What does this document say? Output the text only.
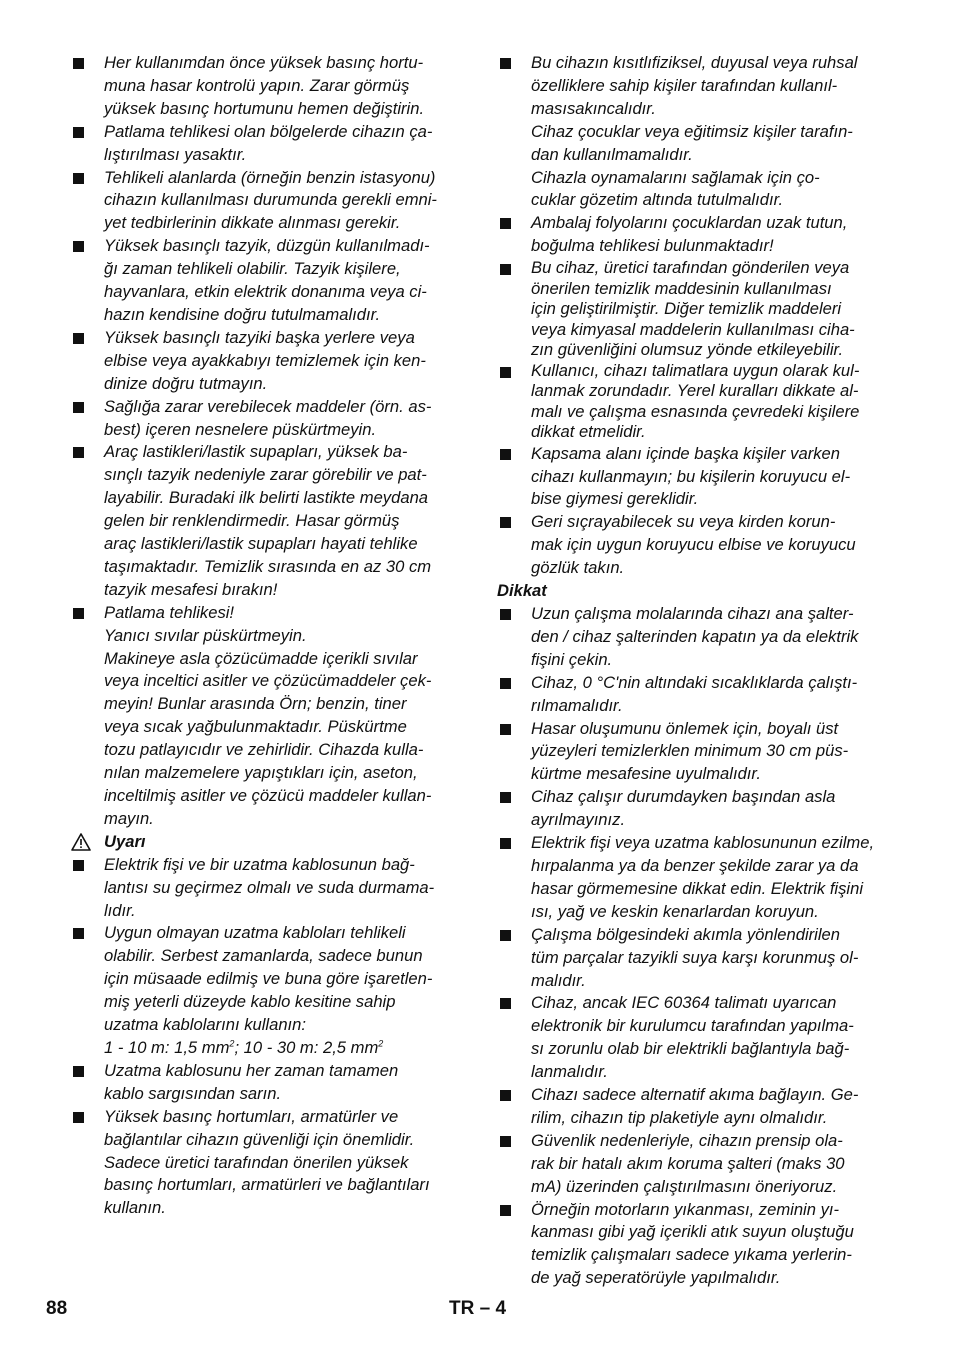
Her kullanımdan önce yüksek basınç hortu-
muna hasar kontrolü yapın. Zarar görmüş
yüksek basınç hortumunu hemen değiştirin.
Patlama tehlikesi olan bölgelerde cihazın ça-
lıştırılması yasaktır.
Tehlikeli alanlarda (örneğin benzin istasyonu)
cihazın kullanılması durumunda gerekli emni-
yet tedbirlerinin dikkate alınması gerekir.
Yüksek basınçlı tazyik, düzgün kullanılmadı-
ğı zaman tehlikeli olabilir. Tazyik kişilere,
hayvanlara, etkin elektrik donanıma veya ci-
hazın kendisine doğru tutulmamalıdır.
Yüksek basınçlı tazyiki başka yerlere veya
elbise veya ayakkabıyı temizlemek için ken-
dinize doğru tutmayın.
Sağlığa zarar verebilecek maddeler (örn. as-
best) içeren nesnelere püskürtmeyin.
Araç lastikleri/lastik supapları, yüksek ba-
sınçlı tazyik nedeniyle zarar görebilir ve pat-
layabilir. Buradaki ilk belirti lastikte meydana
gelen bir renklendirmedir. Hasar görmüş
araç lastikleri/lastik supapları hayati tehlike
taşımaktadır. Temizlik sırasında en az 30 cm
tazyik mesafesi bırakın!
Patlama tehlikesi!
Yanıcı sıvılar püskürtmeyin.
Makineye asla çözücümadde içerikli sıvılar
veya inceltici asitler ve çözücümaddeler çek-
meyin! Bunlar arasında Örn; benzin, tiner
veya sıcak yağbulunmaktadır. Püskürtme
tozu patlayıcıdır ve zehirlidir. Cihazda kulla-
nılan malzemelere yapıştıkları için, aseton,
inceltilmiş asitler ve çözücü maddeler kullan-
mayın.
Uyarı
Elektrik fişi ve bir uzatma kablosunun bağ-
lantısı su geçirmez olmalı ve suda durmama-
lıdır.
Uygun olmayan uzatma kabloları tehlikeli
olabilir. Serbest zamanlarda, sadece bunun
için müsaade edilmiş ve buna göre işaretlen-
miş yeterli düzeyde kablo kesitine sahip
uzatma kablolarını kullanın:
1 - 10 m: 1,5 $mm^2$; 10 - 30 m: 2,5 $mm^2$
Uzatma kablosunu her zaman tamamen
kablo sargısından sarın.
Yüksek basınç hortumları, armatürler ve
bağlantılar cihazın güvenliği için önemlidir.
Sadece üretici tarafından önerilen yüksek
basınç hortumları, armatürleri ve bağlantıları
kullanın.
Bu cihazın kısıtlıfiziksel, duyusal veya ruhsal
özelliklere sahip kişiler tarafından kullanıl-
masısakıncalıdır.
Cihaz çocuklar veya eğitimsiz kişiler tarafın-
dan kullanılmamalıdır.
Cihazla oynamalarını sağlamak için ço-
cuklar gözetim altında tutulmalıdır.
Ambalaj folyolarını çocuklardan uzak tutun,
boğulma tehlikesi bulunmaktadır!
Bu cihaz, üretici tarafından gönderilen veya
önerilen temizlik maddesinin kullanılması
için geliştirilmiştir. Diğer temizlik maddeleri
veya kimyasal maddelerin kullanılması ciha-
zın güvenliğini olumsuz yönde etkileyebilir.
Kullanıcı, cihazı talimatlara uygun olarak kul-
lanmak zorundadır. Yerel kuralları dikkate al-
malı ve çalışma esnasında çevredeki kişilere
dikkat etmelidir.
Kapsama alanı içinde başka kişiler varken
cihazı kullanmayın; bu kişilerin koruyucu el-
bise giymesi gereklidir.
Geri sıçrayabilecek su veya kirden korun-
mak için uygun koruyucu elbise ve koruyucu
gözlük takın.
Dikkat
Uzun çalışma molalarında cihazı ana şalter-
den / cihaz şalterinden kapatın ya da elektrik
fişini çekin.
Cihaz, 0 °C'nin altındaki sıcaklıklarda çalıştı-
rılmamalıdır.
Hasar oluşumunu önlemek için, boyalı üst
yüzeyleri temizlerklen minimum 30 cm püs-
kürtme mesafesine uyulmalıdır.
Cihaz çalışır durumdayken başından asla
ayrılmayınız.
Elektrik fişi veya uzatma kablosununun ezilme,
hırpalanma ya da benzer şekilde zarar ya da
hasar görmemesine dikkat edin. Elektrik fişini
ısı, yağ ve keskin kenarlardan koruyun.
Çalışma bölgesindeki akımla yönlendirilen
tüm parçalar tazyikli suya karşı korunmuş ol-
malıdır.
Cihaz, ancak IEC 60364 talimatı uyarıcan
elektronik bir kurulumcu tarafından yapılma-
sı zorunlu olab bir elektrikli bağlantıyla bağ-
lanmalıdır.
Cihazı sadece alternatif akıma bağlayın. Ge-
rilim, cihazın tip plaketiyle aynı olmalıdır.
Güvenlik nedenleriyle, cihazın prensip ola-
rak bir hatalı akım koruma şalteri (maks 30
mA) üzerinden çalıştırılmasını öneriyoruz.
Örneğin motorların yıkanması, zeminin yı-
kanması gibi yağ içerikli atık suyun oluştuğu
temizlik çalışmaları sadece yıkama yerlerin-
de yağ seperatörüyle yapılmalıdır.
88	TR – 4
